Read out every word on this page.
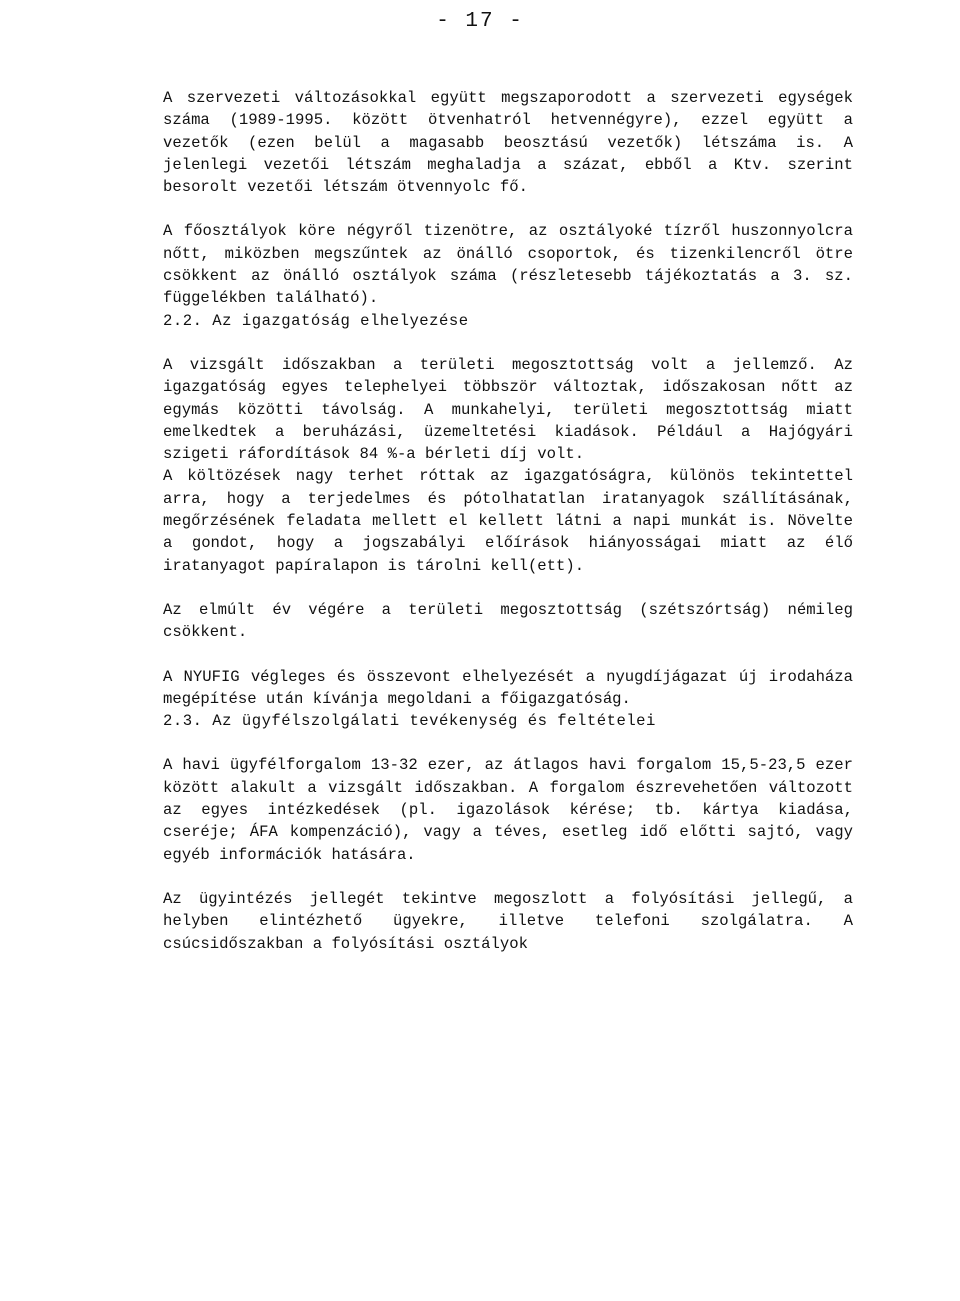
- 17 -

A szervezeti változásokkal együtt megszaporodott a szervezeti egységek száma (1989-1995. között ötvenhatról hetvennégyre), ezzel együtt a vezetők (ezen belül a magasabb beosztású vezetők) létszáma is. A jelenlegi vezetői létszám meghaladja a százat, ebből a Ktv. szerint besorolt vezetői létszám ötvennyolc fő.

A főosztályok köre négyről tizenötre, az osztályoké tízről huszonnyolcra nőtt, miközben megszűntek az önálló csoportok, és tizenkilencről ötre csökkent az önálló osztályok száma (részletesebb tájékoztatás a 3. sz. függelékben található).

2.2. Az igazgatóság elhelyezése

A vizsgált időszakban a területi megosztottság volt a jellemző. Az igazgatóság egyes telephelyei többször változtak, időszakosan nőtt az egymás közötti távolság. A munkahelyi, területi megosztottság miatt emelkedtek a beruházási, üzemeltetési kiadások. Például a Hajógyári szigeti ráfordítások 84 %-a bérleti díj volt.

A költözések nagy terhet róttak az igazgatóságra, különös tekintettel arra, hogy a terjedelmes és pótolhatatlan iratanyagok szállításának, megőrzésének feladata mellett el kellett látni a napi munkát is. Növelte a gondot, hogy a jogszabályi előírások hiányosságai miatt az élő iratanyagot papíralapon is tárolni kell(ett).

Az elmúlt év végére a területi megosztottság (szétszórtság) némileg csökkent.

A NYUFIG végleges és összevont elhelyezését a nyugdíjágazat új irodaháza megépítése után kívánja megoldani a főigazgatóság.

2.3. Az ügyfélszolgálati tevékenység és feltételei

A havi ügyfélforgalom 13-32 ezer, az átlagos havi forgalom 15,5-23,5 ezer között alakult a vizsgált időszakban. A forgalom észrevehetően változott az egyes intézkedések (pl. igazolások kérése; tb. kártya kiadása, cseréje; ÁFA kompenzáció), vagy a téves, esetleg idő előtti sajtó, vagy egyéb információk hatására.

Az ügyintézés jellegét tekintve megoszlott a folyósítási jellegű, a helyben elintézhető ügyekre, illetve telefoni szolgálatra. A csúcsidőszakban a folyósítási osztályok
